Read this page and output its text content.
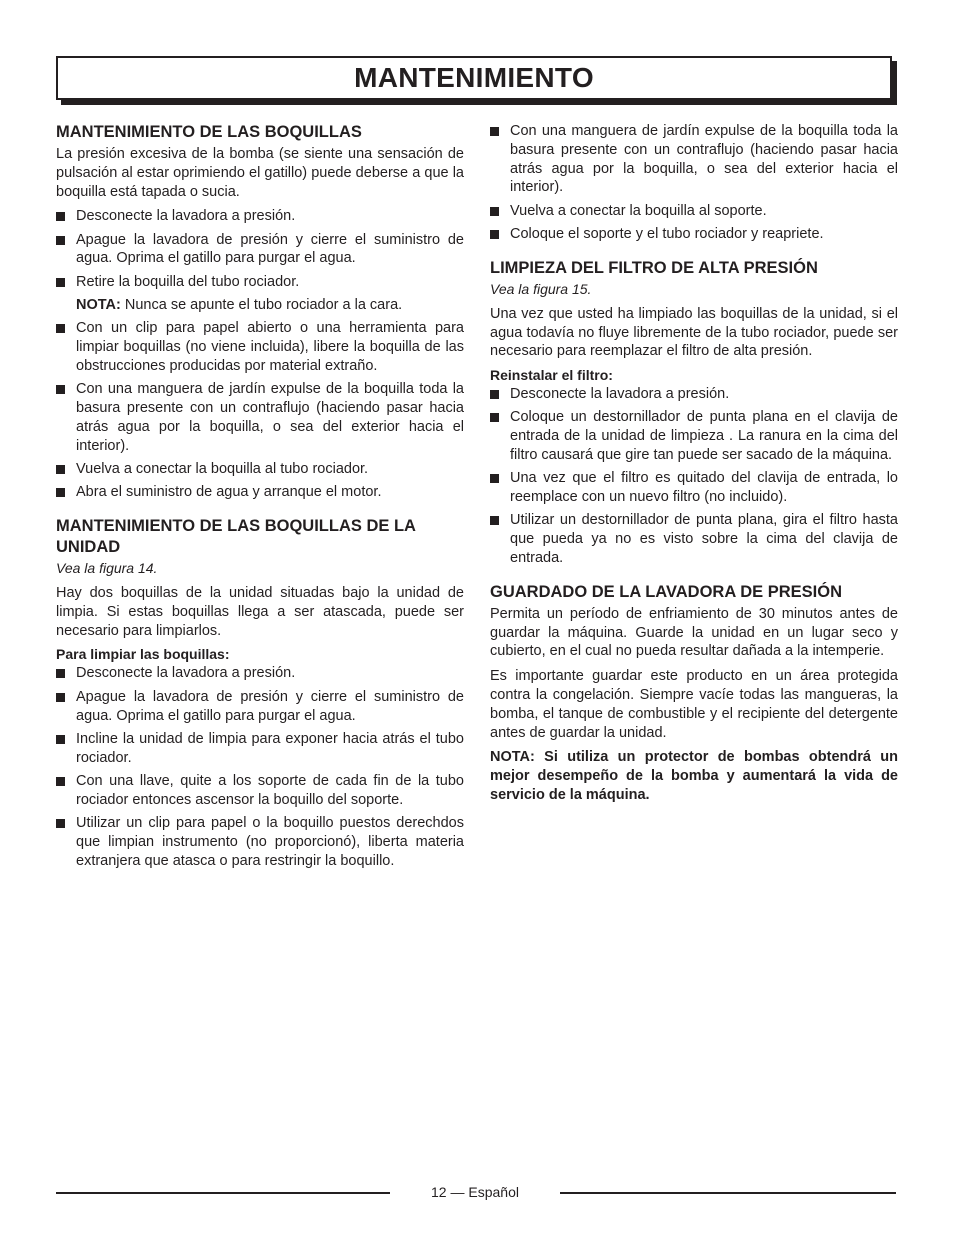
MANTENIMIENTO
MANTENIMIENTO DE LAS BOQUILLAS

La presión excesiva de la bomba (se siente una sensación de pulsación al estar oprimiendo el gatillo) puede deberse a que la boquilla está tapada o sucia.

Desconecte la lavadora a presión.
Apague la lavadora de presión y cierre el suministro de agua. Oprima el gatillo para purgar el agua.
Retire la boquilla del tubo rociador.

NOTA: Nunca se apunte el tubo rociador a la cara.

Con un clip para papel abierto o una herramienta para limpiar boquillas (no viene incluida), libere la boquilla de las obstrucciones producidas por material extraño.
Con una manguera de jardín expulse de la boquilla toda la basura presente con un contraflujo (haciendo pasar hacia atrás agua por la boquilla, o sea del exterior hacia el interior).
Vuelva a conectar la boquilla al tubo rociador.
Abra el suministro de agua y arranque el motor.
MANTENIMIENTO DE LAS BOQUILLAS DE LA UNIDAD

Vea la figura 14.

Hay dos boquillas de la unidad situadas bajo la unidad de limpia. Si estas boquillas llega a ser atascada, puede ser necesario para limpiarlos.

Para limpiar las boquillas:

Desconecte la lavadora a presión.
Apague la lavadora de presión y cierre el suministro de agua. Oprima el gatillo para purgar el agua.
Incline la unidad de limpia para exponer hacia atrás el tubo rociador.
Con una llave, quite a los soporte de cada fin de la tubo rociador entonces ascensor la boquillo del soporte.
Utilizar un clip para papel o la boquillo puestos derechdos que limpian instrumento (no proporcionó), liberta materia extranjera que atasca o para restringir la boquillo.
Con una manguera de jardín expulse de la boquilla toda la basura presente con un contraflujo (haciendo pasar hacia atrás agua por la boquilla, o sea del exterior hacia el interior).
Vuelva a conectar la boquilla al soporte.
Coloque el soporte y el tubo rociador y reapriete.
LIMPIEZA DEL FILTRO DE ALTA PRESIÓN

Vea la figura 15.

Una vez que usted ha limpiado las boquillas de la unidad, si el agua todavía no fluye libremente de la tubo rociador, puede ser necesario para reemplazar el filtro de alta presión.

Reinstalar el filtro:

Desconecte la lavadora a presión.
Coloque un destornillador de punta plana en el clavija de entrada de la unidad de limpieza . La ranura en la cima del filtro causará que gire tan puede ser sacado de la máquina.
Una vez que el filtro es quitado del clavija de entrada, lo reemplace con un nuevo filtro (no incluido).
Utilizar un destornillador de punta plana, gira el filtro hasta que pueda ya no es visto sobre la cima del clavija de entrada.
GUARDADO DE LA LAVADORA DE PRESIÓN

Permita un período de enfriamiento de 30 minutos antes de guardar la máquina. Guarde la unidad en un lugar seco y cubierto, en el cual no pueda resultar dañada a la intemperie.

Es importante guardar este producto en un área protegida contra la congelación. Siempre vacíe todas las mangueras, la bomba, el tanque de combustible y el recipiente del detergente antes de guardar la unidad.

NOTA: Si utiliza un protector de bombas obtendrá un mejor desempeño de la bomba y aumentará la vida de servicio de la máquina.

12 — Español
